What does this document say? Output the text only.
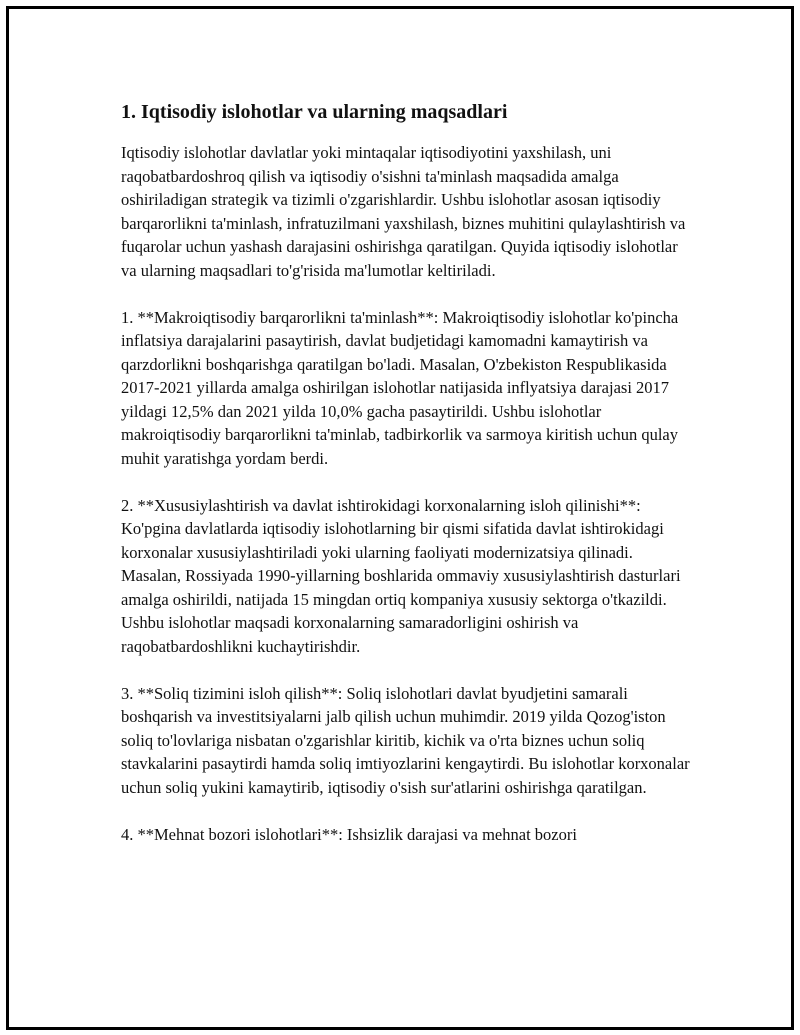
1. Iqtisodiy islohotlar va ularning maqsadlari

Iqtisodiy islohotlar davlatlar yoki mintaqalar iqtisodiyotini yaxshilash, uni raqobatbardoshroq qilish va iqtisodiy o'sishni ta'minlash maqsadida amalga oshiriladigan strategik va tizimli o'zgarishlardir. Ushbu islohotlar asosan iqtisodiy barqarorlikni ta'minlash, infratuzilmani yaxshilash, biznes muhitini qulaylashtirish va fuqarolar uchun yashash darajasini oshirishga qaratilgan. Quyida iqtisodiy islohotlar va ularning maqsadlari to'g'risida ma'lumotlar keltiriladi.

1. **Makroiqtisodiy barqarorlikni ta'minlash**: Makroiqtisodiy islohotlar ko'pincha inflatsiya darajalarini pasaytirish, davlat budjetidagi kamomadni kamaytirish va qarzdorlikni boshqarishga qaratilgan bo'ladi. Masalan, O'zbekiston Respublikasida 2017-2021 yillarda amalga oshirilgan islohotlar natijasida inflyatsiya darajasi 2017 yildagi 12,5% dan 2021 yilda 10,0% gacha pasaytirildi. Ushbu islohotlar makroiqtisodiy barqarorlikni ta'minlab, tadbirkorlik va sarmoya kiritish uchun qulay muhit yaratishga yordam berdi.

2. **Xususiylashtirish va davlat ishtirokidagi korxonalarning isloh qilinishi**: Ko'pgina davlatlarda iqtisodiy islohotlarning bir qismi sifatida davlat ishtirokidagi korxonalar xususiylashtiriladi yoki ularning faoliyati modernizatsiya qilinadi. Masalan, Rossiyada 1990-yillarning boshlarida ommaviy xususiylashtirish dasturlari amalga oshirildi, natijada 15 mingdan ortiq kompaniya xususiy sektorga o'tkazildi. Ushbu islohotlar maqsadi korxonalarning samaradorligini oshirish va raqobatbardoshlikni kuchaytirishdir.

3. **Soliq tizimini isloh qilish**: Soliq islohotlari davlat byudjetini samarali boshqarish va investitsiyalarni jalb qilish uchun muhimdir. 2019 yilda Qozog'iston soliq to'lovlariga nisbatan o'zgarishlar kiritib, kichik va o'rta biznes uchun soliq stavkalarini pasaytirdi hamda soliq imtiyozlarini kengaytirdi. Bu islohotlar korxonalar uchun soliq yukini kamaytirib, iqtisodiy o'sish sur'atlarini oshirishga qaratilgan.

4. **Mehnat bozori islohotlari**: Ishsizlik darajasi va mehnat bozori
